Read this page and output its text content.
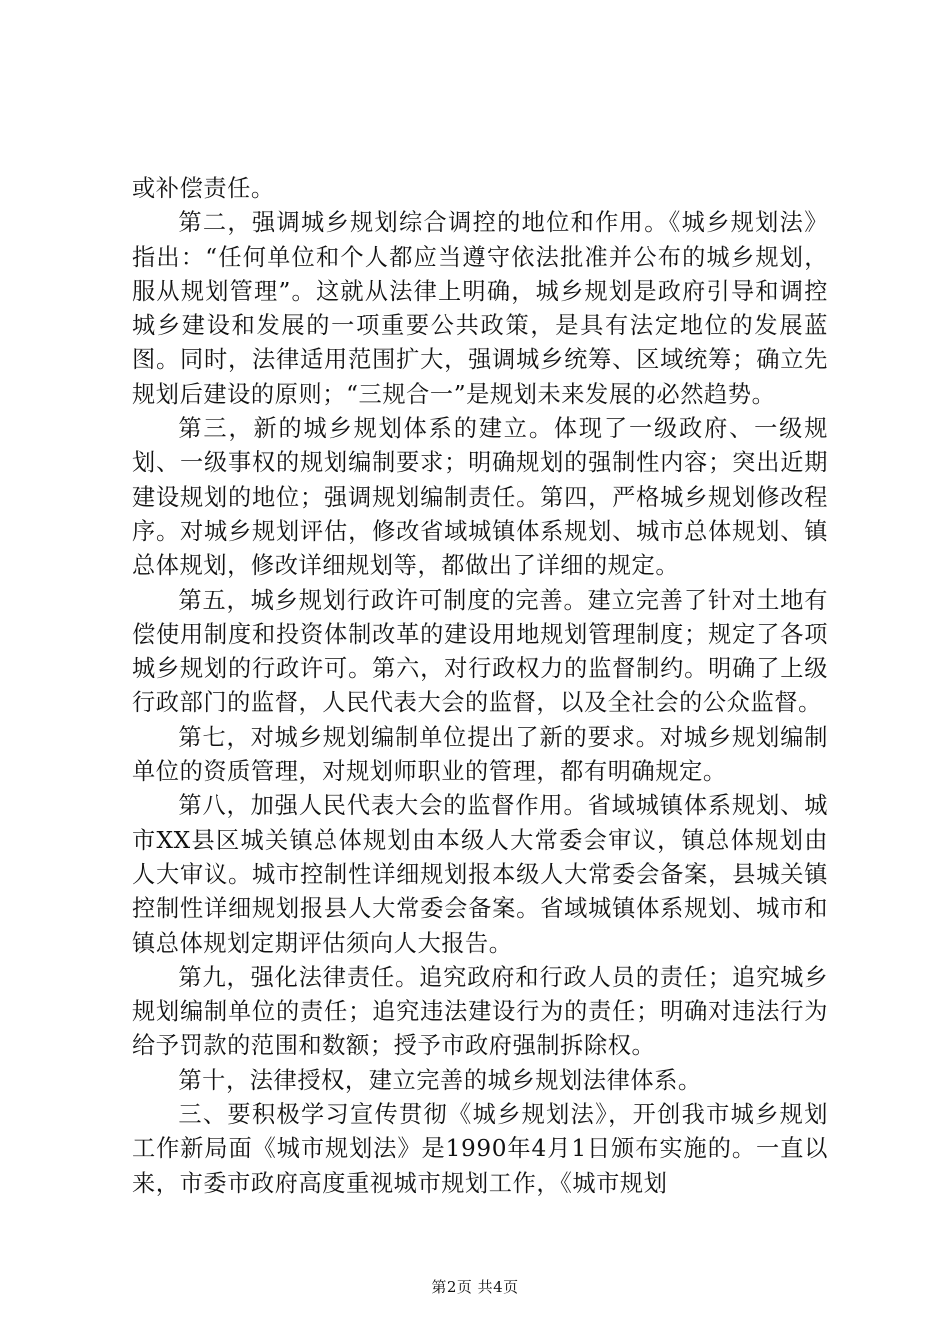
或补偿责任。

第二，强调城乡规划综合调控的地位和作用。《城乡规划法》指出：“任何单位和个人都应当遵守依法批准并公布的城乡规划，服从规划管理”。这就从法律上明确，城乡规划是政府引导和调控城乡建设和发展的一项重要公共政策，是具有法定地位的发展蓝图。同时，法律适用范围扩大，强调城乡统筹、区域统筹；确立先规划后建设的原则；“三规合一”是规划未来发展的必然趋势。

第三，新的城乡规划体系的建立。体现了一级政府、一级规划、一级事权的规划编制要求；明确规划的强制性内容；突出近期建设规划的地位；强调规划编制责任。第四，严格城乡规划修改程序。对城乡规划评估，修改省域城镇体系规划、城市总体规划、镇总体规划，修改详细规划等，都做出了详细的规定。

第五，城乡规划行政许可制度的完善。建立完善了针对土地有偿使用制度和投资体制改革的建设用地规划管理制度；规定了各项城乡规划的行政许可。第六，对行政权力的监督制约。明确了上级行政部门的监督，人民代表大会的监督，以及全社会的公众监督。

第七，对城乡规划编制单位提出了新的要求。对城乡规划编制单位的资质管理，对规划师职业的管理，都有明确规定。

第八，加强人民代表大会的监督作用。省域城镇体系规划、城市XX县区城关镇总体规划由本级人大常委会审议，镇总体规划由人大审议。城市控制性详细规划报本级人大常委会备案，县城关镇控制性详细规划报县人大常委会备案。省域城镇体系规划、城市和镇总体规划定期评估须向人大报告。

第九，强化法律责任。追究政府和行政人员的责任；追究城乡规划编制单位的责任；追究违法建设行为的责任；明确对违法行为给予罚款的范围和数额；授予市政府强制拆除权。

第十，法律授权，建立完善的城乡规划法律体系。

三、要积极学习宣传贯彻《城乡规划法》，开创我市城乡规划工作新局面《城市规划法》是1990年4月1日颁布实施的。一直以来，市委市政府高度重视城市规划工作，《城市规划

第2页 共4页
